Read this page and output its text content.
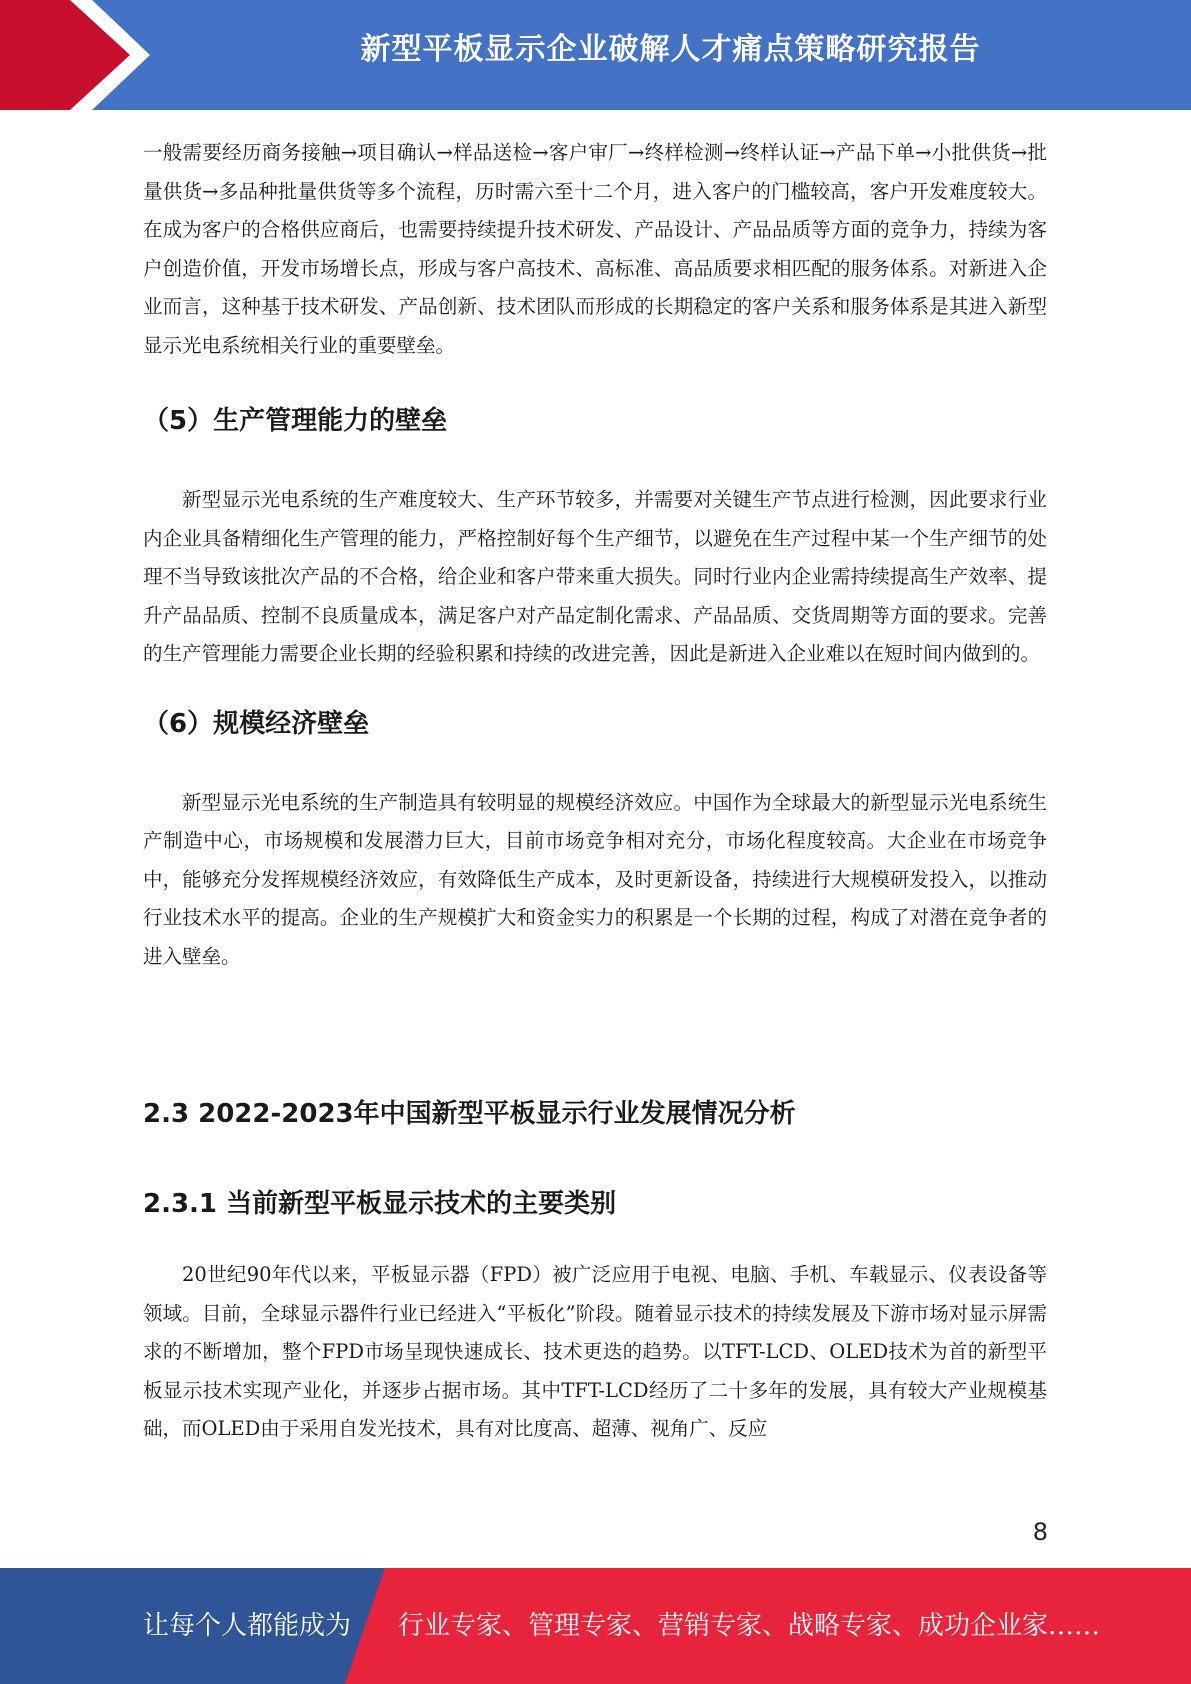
新型平板显示企业破解人才痛点策略研究报告

一般需要经历商务接触→项目确认→样品送检→客户审厂→终样检测→终样认证→产品下单→小批供货→批量供货→多品种批量供货等多个流程，历时需六至十二个月，进入客户的门槛较高，客户开发难度较大。在成为客户的合格供应商后，也需要持续提升技术研发、产品设计、产品品质等方面的竞争力，持续为客户创造价值，开发市场增长点，形成与客户高技术、高标准、高品质要求相匹配的服务体系。对新进入企业而言，这种基于技术研发、产品创新、技术团队而形成的长期稳定的客户关系和服务体系是其进入新型显示光电系统相关行业的重要壁垒。

（5）生产管理能力的壁垒

新型显示光电系统的生产难度较大、生产环节较多，并需要对关键生产节点进行检测，因此要求行业内企业具备精细化生产管理的能力，严格控制好每个生产细节，以避免在生产过程中某一个生产细节的处理不当导致该批次产品的不合格，给企业和客户带来重大损失。同时行业内企业需持续提高生产效率、提升产品品质、控制不良质量成本，满足客户对产品定制化需求、产品品质、交货周期等方面的要求。完善的生产管理能力需要企业长期的经验积累和持续的改进完善，因此是新进入企业难以在短时间内做到的。

（6）规模经济壁垒

新型显示光电系统的生产制造具有较明显的规模经济效应。中国作为全球最大的新型显示光电系统生产制造中心，市场规模和发展潜力巨大，目前市场竞争相对充分，市场化程度较高。大企业在市场竞争中，能够充分发挥规模经济效应，有效降低生产成本，及时更新设备，持续进行大规模研发投入，以推动行业技术水平的提高。企业的生产规模扩大和资金实力的积累是一个长期的过程，构成了对潜在竞争者的进入壁垒。

2.3 2022-2023年中国新型平板显示行业发展情况分析
2.3.1 当前新型平板显示技术的主要类别

20世纪90年代以来，平板显示器（FPD）被广泛应用于电视、电脑、手机、车载显示、仪表设备等领域。目前，全球显示器件行业已经进入“平板化”阶段。随着显示技术的持续发展及下游市场对显示屏需求的不断增加，整个FPD市场呈现快速成长、技术更迭的趋势。以TFT-LCD、OLED技术为首的新型平板显示技术实现产业化，并逐步占据市场。其中TFT-LCD经历了二十多年的发展，具有较大产业规模基础，而OLED由于采用自发光技术，具有对比度高、超薄、视角广、反应

8
让每个人都能成为 行业专家、管理专家、营销专家、战略专家、成功企业家……
